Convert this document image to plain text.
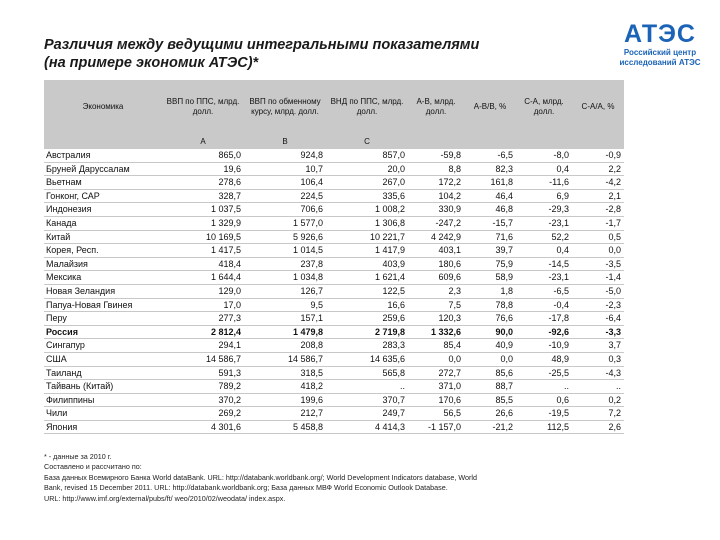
Различия между ведущими интегральными показателями
(на примере экономик АТЭС)*
АТЭС
Российский центр
исследований АТЭС
Экономика	ВВП по ППС, млрд. долл.	ВВП по обменному курсу, млрд. долл.	ВНД по ППС, млрд. долл.	А-В, млрд. долл.	А-В/В, %	С-А, млрд. долл.	С-А/А, %
	А	В	С				
Австралия	865,0	924,8	857,0	-59,8	-6,5	-8,0	-0,9
Бруней Даруссалам	19,6	10,7	20,0	8,8	82,3	0,4	2,2
Вьетнам	278,6	106,4	267,0	172,2	161,8	-11,6	-4,2
Гонконг, САР	328,7	224,5	335,6	104,2	46,4	6,9	2,1
Индонезия	1 037,5	706,6	1 008,2	330,9	46,8	-29,3	-2,8
Канада	1 329,9	1 577,0	1 306,8	-247,2	-15,7	-23,1	-1,7
Китай	10 169,5	5 926,6	10 221,7	4 242,9	71,6	52,2	0,5
Корея, Респ.	1 417,5	1 014,5	1 417,9	403,1	39,7	0,4	0,0
Малайзия	418,4	237,8	403,9	180,6	75,9	-14,5	-3,5
Мексика	1 644,4	1 034,8	1 621,4	609,6	58,9	-23,1	-1,4
Новая Зеландия	129,0	126,7	122,5	2,3	1,8	-6,5	-5,0
Папуа-Новая Гвинея	17,0	9,5	16,6	7,5	78,8	-0,4	-2,3
Перу	277,3	157,1	259,6	120,3	76,6	-17,8	-6,4
Россия	2 812,4	1 479,8	2 719,8	1 332,6	90,0	-92,6	-3,3
Сингапур	294,1	208,8	283,3	85,4	40,9	-10,9	3,7
США	14 586,7	14 586,7	14 635,6	0,0	0,0	48,9	0,3
Таиланд	591,3	318,5	565,8	272,7	85,6	-25,5	-4,3
Тайвань (Китай)	789,2	418,2	..	371,0	88,7	..	..
Филиппины	370,2	199,6	370,7	170,6	85,5	0,6	0,2
Чили	269,2	212,7	249,7	56,5	26,6	-19,5	7,2
Япония	4 301,6	5 458,8	4 414,3	-1 157,0	-21,2	112,5	2,6
* - данные за 2010 г.
Составлено и рассчитано по:
База данных Всемирного Банка World dataBank. URL: http://databank.worldbank.org/; World Development Indicators database, World
Bank, revised 15 December 2011. URL: http://databank.worldbank.org; База данных МВФ World Economic Outlook Database.
URL: http://www.imf.org/external/pubs/ft/ weo/2010/02/weodata/ index.aspx.
